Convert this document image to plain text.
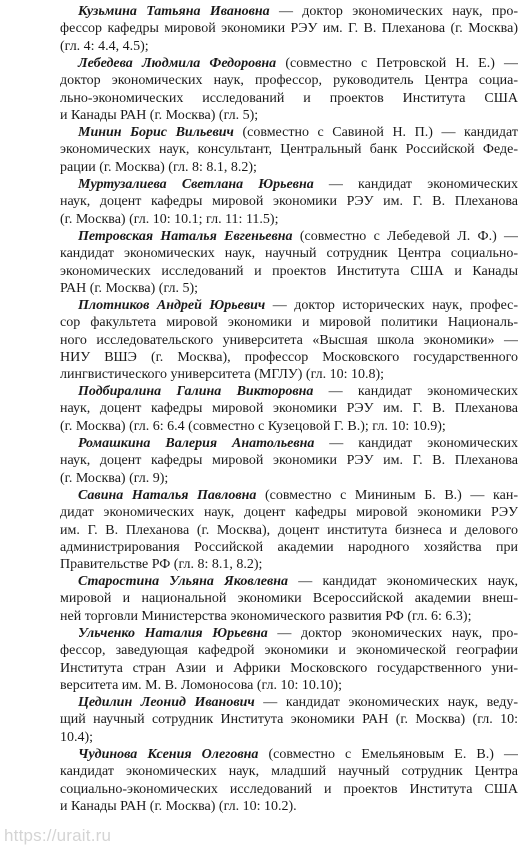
Кузьмина Татьяна Ивановна — доктор экономических наук, про-
фессор кафедры мировой экономики РЭУ им. Г. В. Плеханова (г. Москва)
(гл. 4: 4.4, 4.5);
Лебедева Людмила Федоровна (совместно с Петровской Н. Е.) —
доктор экономических наук, профессор, руководитель Центра социа-
льно-экономических исследований и проектов Института США
и Канады РАН (г. Москва) (гл. 5);
Минин Борис Вильевич (совместно с Савиной Н. П.) — кандидат
экономических наук, консультант, Центральный банк Российской Феде-
рации (г. Москва) (гл. 8: 8.1, 8.2);
Муртузалиева Светлана Юрьевна — кандидат экономических
наук, доцент кафедры мировой экономики РЭУ им. Г. В. Плеханова
(г. Москва) (гл. 10: 10.1; гл. 11: 11.5);
Петровская Наталья Евгеньевна (совместно с Лебедевой Л. Ф.) —
кандидат экономических наук, научный сотрудник Центра социально-
экономических исследований и проектов Института США и Канады
РАН (г. Москва) (гл. 5);
Плотников Андрей Юрьевич — доктор исторических наук, профес-
сор факультета мировой экономики и мировой политики Националь-
ного исследовательского университета «Высшая школа экономики» —
НИУ ВШЭ (г. Москва), профессор Московского государственного
лингвистического университета (МГЛУ) (гл. 10: 10.8);
Подбиралина Галина Викторовна — кандидат экономических
наук, доцент кафедры мировой экономики РЭУ им. Г. В. Плеханова
(г. Москва) (гл. 6: 6.4 (совместно с Кузецовой Г. В.); гл. 10: 10.9);
Ромашкина Валерия Анатольевна — кандидат экономических
наук, доцент кафедры мировой экономики РЭУ им. Г. В. Плеханова
(г. Москва) (гл. 9);
Савина Наталья Павловна (совместно с Мининым Б. В.) — кан-
дидат экономических наук, доцент кафедры мировой экономики РЭУ
им. Г. В. Плеханова (г. Москва), доцент института бизнеса и делового
администрирования Российской академии народного хозяйства при
Правительстве РФ (гл. 8: 8.1, 8.2);
Старостина Ульяна Яковлевна — кандидат экономических наук,
мировой и национальной экономики Всероссийской академии внеш-
ней торговли Министерства экономического развития РФ (гл. 6: 6.3);
Ульченко Наталия Юрьевна — доктор экономических наук, про-
фессор, заведующая кафедрой экономики и экономической географии
Института стран Азии и Африки Московского государственного уни-
верситета им. М. В. Ломоносова (гл. 10: 10.10);
Цедилин Леонид Иванович — кандидат экономических наук, веду-
щий научный сотрудник Института экономики РАН (г. Москва) (гл. 10:
10.4);
Чудинова Ксения Олеговна (совместно с Емельяновым Е. В.) —
кандидат экономических наук, младший научный сотрудник Центра
социально-экономических исследований и проектов Института США
и Канады РАН (г. Москва) (гл. 10: 10.2).
https://urait.ru
